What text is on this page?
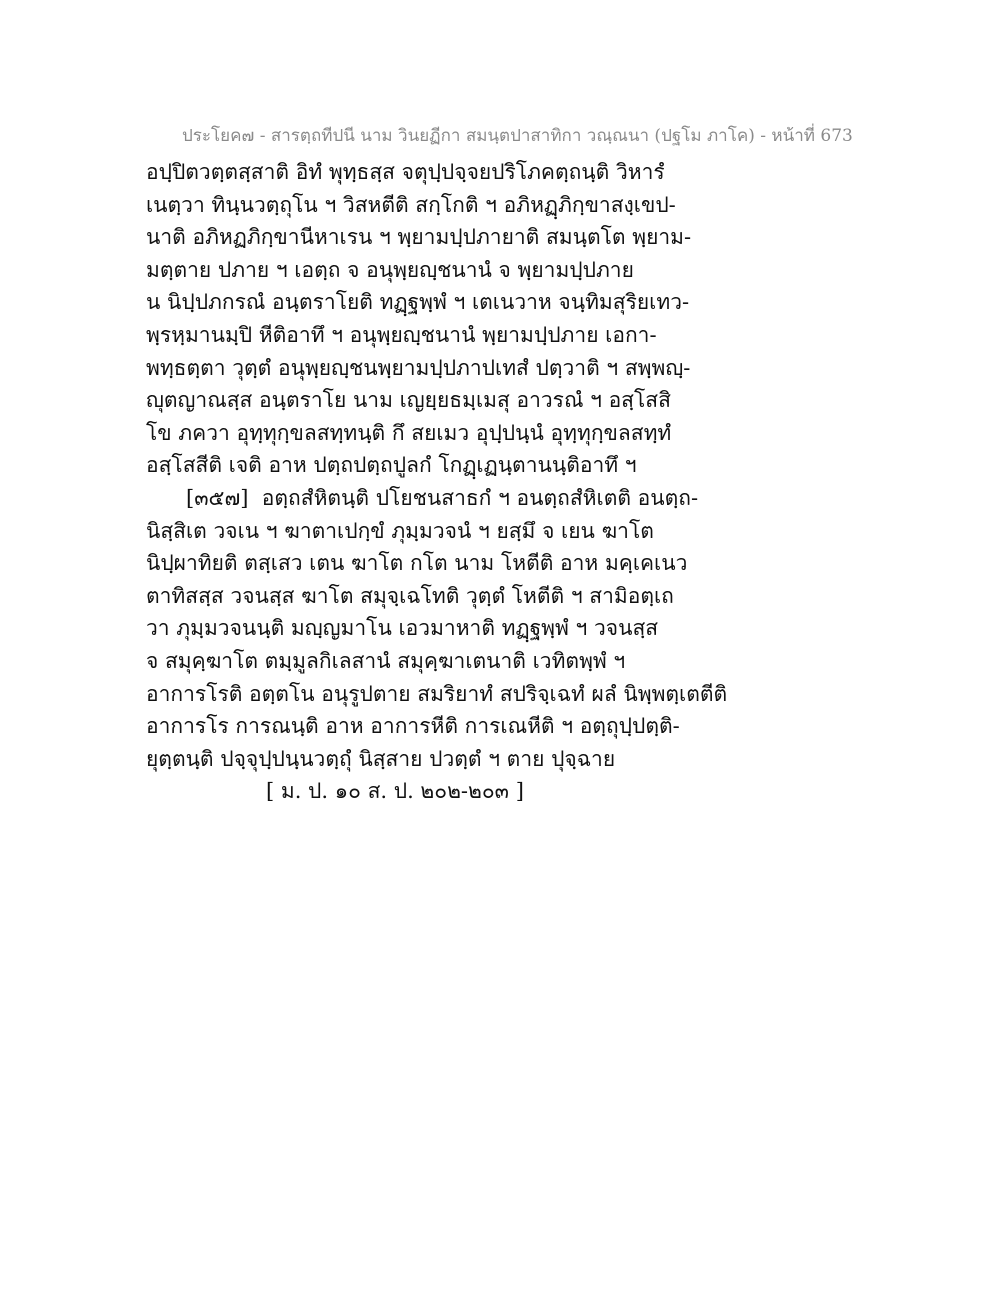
ประโยค๗ - สารตฺถทีปนี นาม วินยฏีกา สมนฺตปาสาทิกา วณฺณนา (ปฐโม ภาโค) - หน้าที่ 673
อปฺปิตวตฺตสฺสาติ อิทํ พุทฺธสฺส จตุปฺปจฺจยปริโภคตฺถนฺติ วิหารํ
เนตฺวา ทินฺนวตฺถุโน ฯ วิสหตีติ สกฺโกติ ฯ อภิหฏฺภิกฺขาสงฺเขป-
นาติ อภิหฏภิกฺขานีหาเรน ฯ พฺยามปฺปภายาติ สมนฺตโต พฺยาม-
มตฺตาย ปภาย ฯ เอตฺถ จ อนุพฺยญฺชนานํ จ พฺยามปฺปภาย
น นิปฺปภกรณํ อนฺตราโยติ ทฏฺฐพฺพํ ฯ เตเนวาห จนฺทิมสุริยเทว-
พฺรหฺมานมฺปิ หีติอาทึ ฯ อนุพฺยญฺชนานํ พฺยามปฺปภาย เอกา-
พทฺธตฺตา วุตฺตํ อนุพฺยญฺชนพฺยามปฺปภาปเทสํ ปตฺวาติ ฯ สพฺพญฺ-
ญุตญาณสฺส อนฺตราโย นาม เญยฺยธมฺเมสุ อาวรณํ ฯ อสฺโสสิ
โข ภควา อุทฺทุกฺขลสทฺทนฺติ กึ สยเมว อุปฺปนฺนํ อุทฺทุกฺขลสทฺทํ
อสฺโสสีติ เจติ อาห ปตฺถปตฺถปูลกํ โกฏฺเฏนฺตานนฺติอาทึ ฯ
[๓๕๗] อตฺถสํหิตนฺติ ปโยชนสาธกํ ฯ อนตฺถสํหิเตติ อนตฺถ-
นิสฺสิเต วจเน ฯ ฆาตาเปกฺขํ ภุมฺมวจนํ ฯ ยสฺมึ จ เยน ฆาโต
นิปฺผาทิยติ ตสฺเสว เตน ฆาโต กโต นาม โหตีติ อาห มคฺเคเนว
ตาทิสสฺส วจนสฺส ฆาโต สมุจฺเฉโทติ วุตฺตํ โหตีติ ฯ สามิอตฺเถ
วา ภุมฺมวจนนฺติ มญฺญมาโน เอวมาหาติ ทฏฺฐพฺพํ ฯ วจนสฺส
จ สมุคฺฆาโต ตมฺมูลกิเลสานํ สมุคฺฆาเตนาติ เวทิตพฺพํ ฯ
อาการโรติ อตฺตโน อนุรูปตาย สมริยาทํ สปริจฺเฉทํ ผลํ นิพฺพตฺเตตีติ
อาการโร การณนฺติ อาห อาการหีติ การเณหีติ ฯ อตฺถุปฺปตฺติ-
ยุตฺตนฺติ ปจฺจุปฺปนฺนวตฺถุํ นิสฺสาย ปวตฺตํ ฯ ตาย ปุจฺฉาย
[ ม. ป. ๑๐ ส. ป. ๒๐๒-๒๐๓ ]
